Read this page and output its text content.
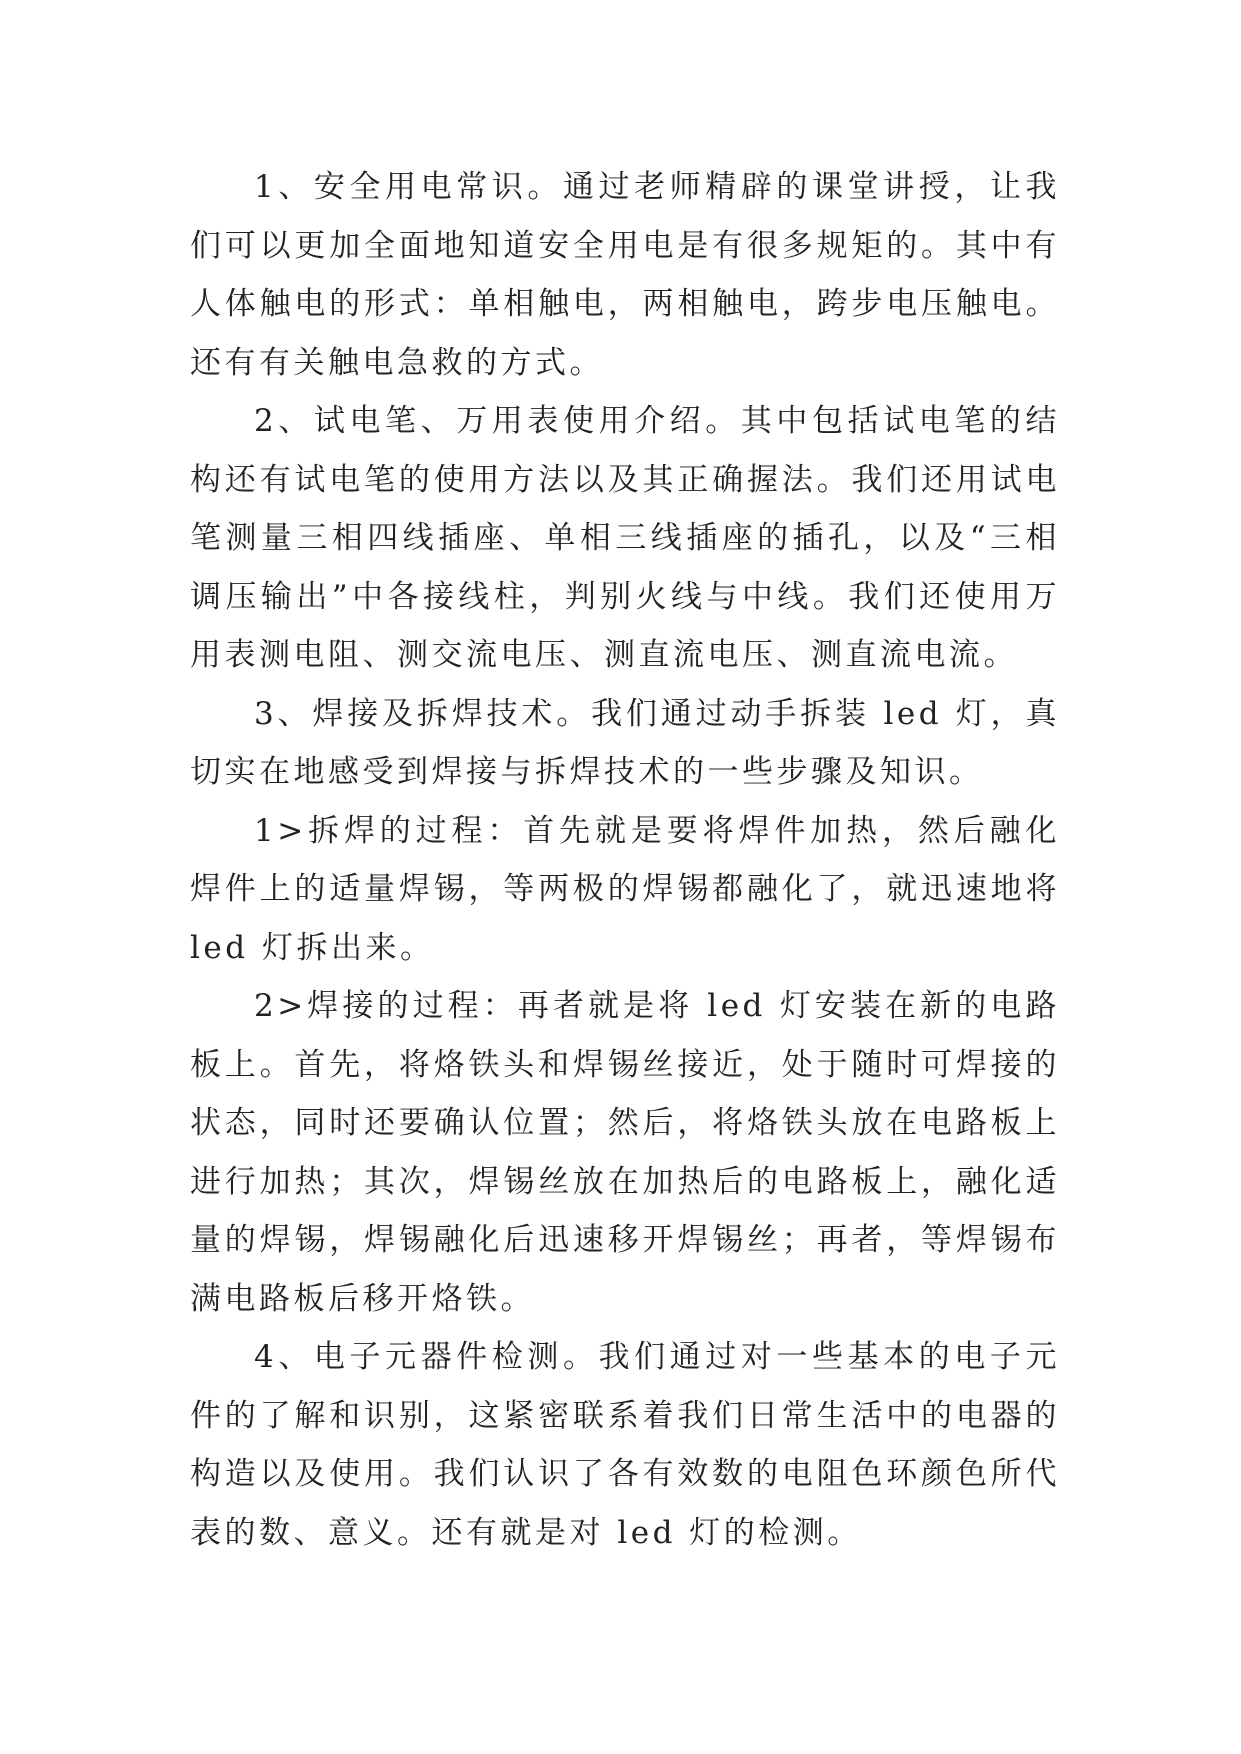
1、安全用电常识。通过老师精辟的课堂讲授，让我们可以更加全面地知道安全用电是有很多规矩的。其中有人体触电的形式：单相触电，两相触电，跨步电压触电。还有有关触电急救的方式。

2、试电笔、万用表使用介绍。其中包括试电笔的结构还有试电笔的使用方法以及其正确握法。我们还用试电笔测量三相四线插座、单相三线插座的插孔，以及“三相调压输出”中各接线柱，判别火线与中线。我们还使用万用表测电阻、测交流电压、测直流电压、测直流电流。

3、焊接及拆焊技术。我们通过动手拆装 led 灯，真切实在地感受到焊接与拆焊技术的一些步骤及知识。

1>拆焊的过程：首先就是要将焊件加热，然后融化焊件上的适量焊锡，等两极的焊锡都融化了，就迅速地将 led 灯拆出来。

2>焊接的过程：再者就是将 led 灯安装在新的电路板上。首先，将烙铁头和焊锡丝接近，处于随时可焊接的状态，同时还要确认位置；然后，将烙铁头放在电路板上进行加热；其次，焊锡丝放在加热后的电路板上，融化适量的焊锡，焊锡融化后迅速移开焊锡丝；再者，等焊锡布满电路板后移开烙铁。

4、电子元器件检测。我们通过对一些基本的电子元件的了解和识别，这紧密联系着我们日常生活中的电器的构造以及使用。我们认识了各有效数的电阻色环颜色所代表的数、意义。还有就是对 led 灯的检测。
